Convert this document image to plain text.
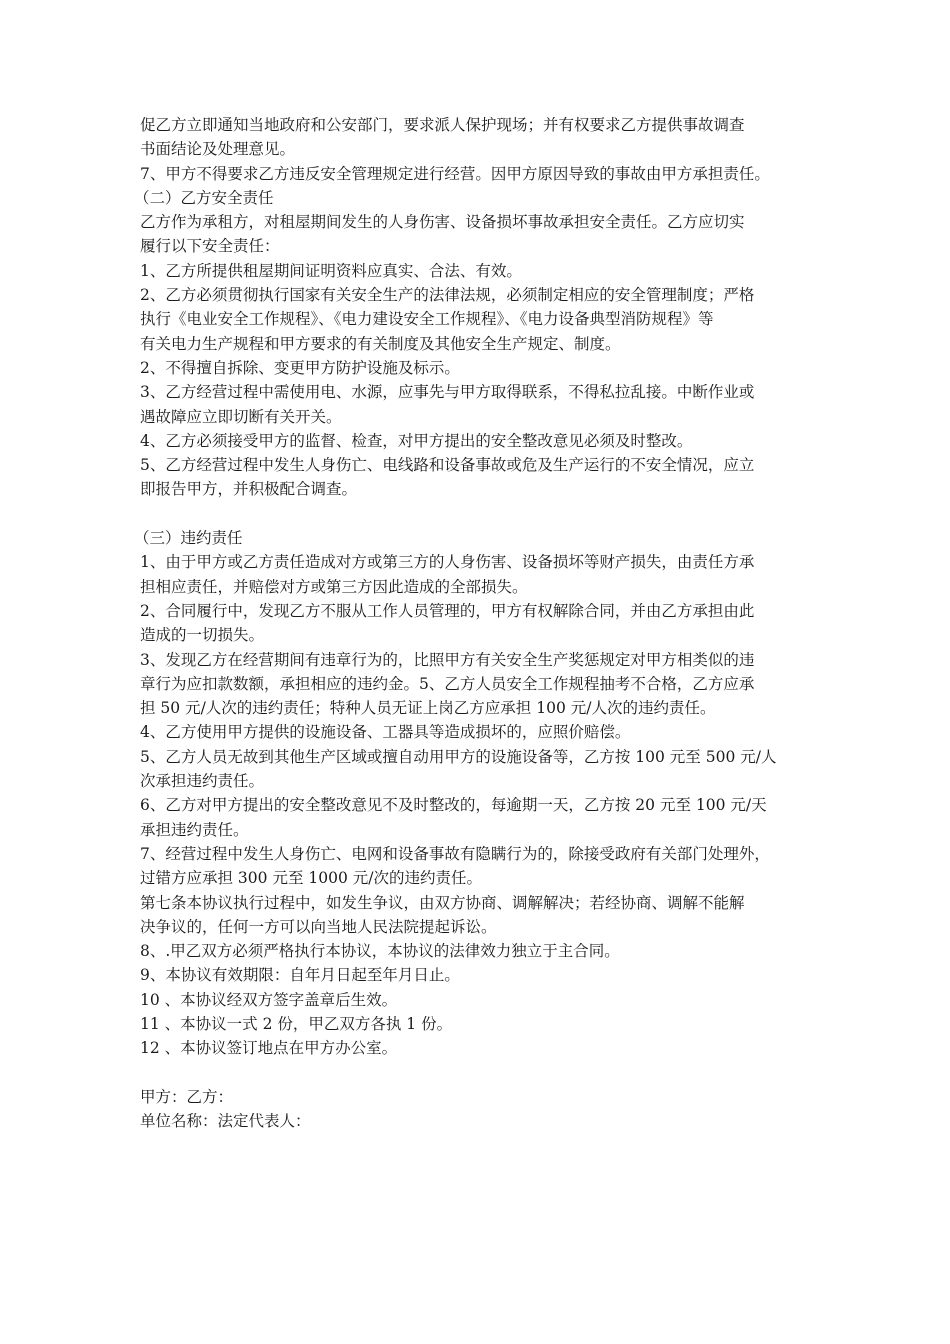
促乙方立即通知当地政府和公安部门，要求派人保护现场；并有权要求乙方提供事故调查
书面结论及处理意见。
7、甲方不得要求乙方违反安全管理规定进行经营。因甲方原因导致的事故由甲方承担责任。
（二）乙方安全责任
乙方作为承租方，对租屋期间发生的人身伤害、设备损坏事故承担安全责任。乙方应切实
履行以下安全责任：
1、乙方所提供租屋期间证明资料应真实、合法、有效。
2、乙方必须贯彻执行国家有关安全生产的法律法规，必须制定相应的安全管理制度；严格
执行《电业安全工作规程》、《电力建设安全工作规程》、《电力设备典型消防规程》等
有关电力生产规程和甲方要求的有关制度及其他安全生产规定、制度。
2、不得擅自拆除、变更甲方防护设施及标示。
3、乙方经营过程中需使用电、水源，应事先与甲方取得联系，不得私拉乱接。中断作业或
遇故障应立即切断有关开关。
4、乙方必须接受甲方的监督、检查，对甲方提出的安全整改意见必须及时整改。
5、乙方经营过程中发生人身伤亡、电线路和设备事故或危及生产运行的不安全情况，应立
即报告甲方，并积极配合调查。
（三）违约责任
1、由于甲方或乙方责任造成对方或第三方的人身伤害、设备损坏等财产损失，由责任方承
担相应责任，并赔偿对方或第三方因此造成的全部损失。
2、合同履行中，发现乙方不服从工作人员管理的，甲方有权解除合同，并由乙方承担由此
造成的一切损失。
3、发现乙方在经营期间有违章行为的，比照甲方有关安全生产奖惩规定对甲方相类似的违
章行为应扣款数额，承担相应的违约金。5、乙方人员安全工作规程抽考不合格，乙方应承
担 50 元/人次的违约责任；特种人员无证上岗乙方应承担 100 元/人次的违约责任。
4、乙方使用甲方提供的设施设备、工器具等造成损坏的，应照价赔偿。
5、乙方人员无故到其他生产区域或擅自动用甲方的设施设备等，乙方按 100 元至 500 元/人
次承担违约责任。
6、乙方对甲方提出的安全整改意见不及时整改的，每逾期一天，乙方按 20 元至 100 元/天
承担违约责任。
7、经营过程中发生人身伤亡、电网和设备事故有隐瞒行为的，除接受政府有关部门处理外，
过错方应承担 300 元至 1000 元/次的违约责任。
第七条本协议执行过程中，如发生争议，由双方协商、调解解决；若经协商、调解不能解
决争议的，任何一方可以向当地人民法院提起诉讼。
8、.甲乙双方必须严格执行本协议，本协议的法律效力独立于主合同。
9、本协议有效期限：自年月日起至年月日止。
10 、本协议经双方签字盖章后生效。
11 、本协议一式 2 份，甲乙双方各执 1 份。
12 、本协议签订地点在甲方办公室。
甲方：乙方：
单位名称：法定代表人：
